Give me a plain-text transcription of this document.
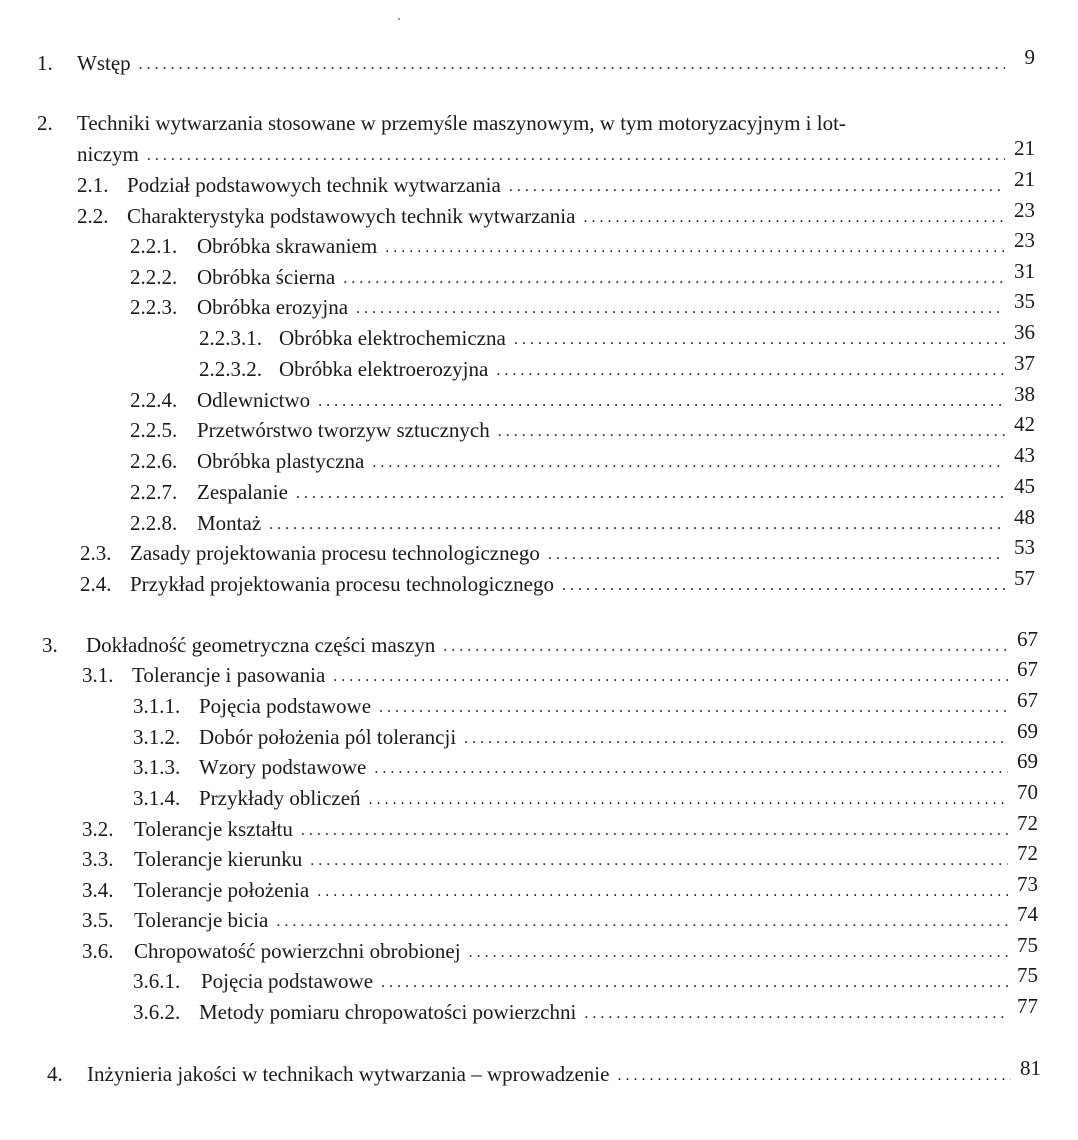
1.	Wstęp . . .	9
2. Techniki wytwarzania stosowane w przemyśle maszynowym, w tym motoryzacyjnym i lot-
niczym . . .	21
2.1. Podział podstawowych technik wytwarzania . . .	21
2.2. Charakterystyka podstawowych technik wytwarzania . . .	23
2.2.1. Obróbka skrawaniem . . .	23
2.2.2. Obróbka ścierna . . .	31
2.2.3. Obróbka erozyjna . . .	35
2.2.3.1. Obróbka elektrochemiczna . . .	36
2.2.3.2. Obróbka elektroerozyjna . . .	37
2.2.4. Odlewnictwo . . .	38
2.2.5. Przetwórstwo tworzyw sztucznych . . .	42
2.2.6. Obróbka plastyczna . . .	43
2.2.7. Zespalanie . . .	45
2.2.8. Montaż . . .	48
2.3. Zasady projektowania procesu technologicznego . . .	53
2.4. Przykład projektowania procesu technologicznego . . .	57
3.	Dokładność geometryczna części maszyn . . .	67
3.1. Tolerancje i pasowania . . .	67
3.1.1. Pojęcia podstawowe . . .	67
3.1.2. Dobór położenia pól tolerancji . . .	69
3.1.3. Wzory podstawowe . . .	69
3.1.4. Przykłady obliczeń . . .	70
3.2. Tolerancje kształtu . . .	72
3.3. Tolerancje kierunku . . .	72
3.4. Tolerancje położenia . . .	73
3.5. Tolerancje bicia . . .	74
3.6. Chropowatość powierzchni obrobionej . . .	75
3.6.1. Pojęcia podstawowe . . .	75
3.6.2. Metody pomiaru chropowatości powierzchni . . .	77
4.	Inżynieria jakości w technikach wytwarzania – wprowadzenie . . .	81
